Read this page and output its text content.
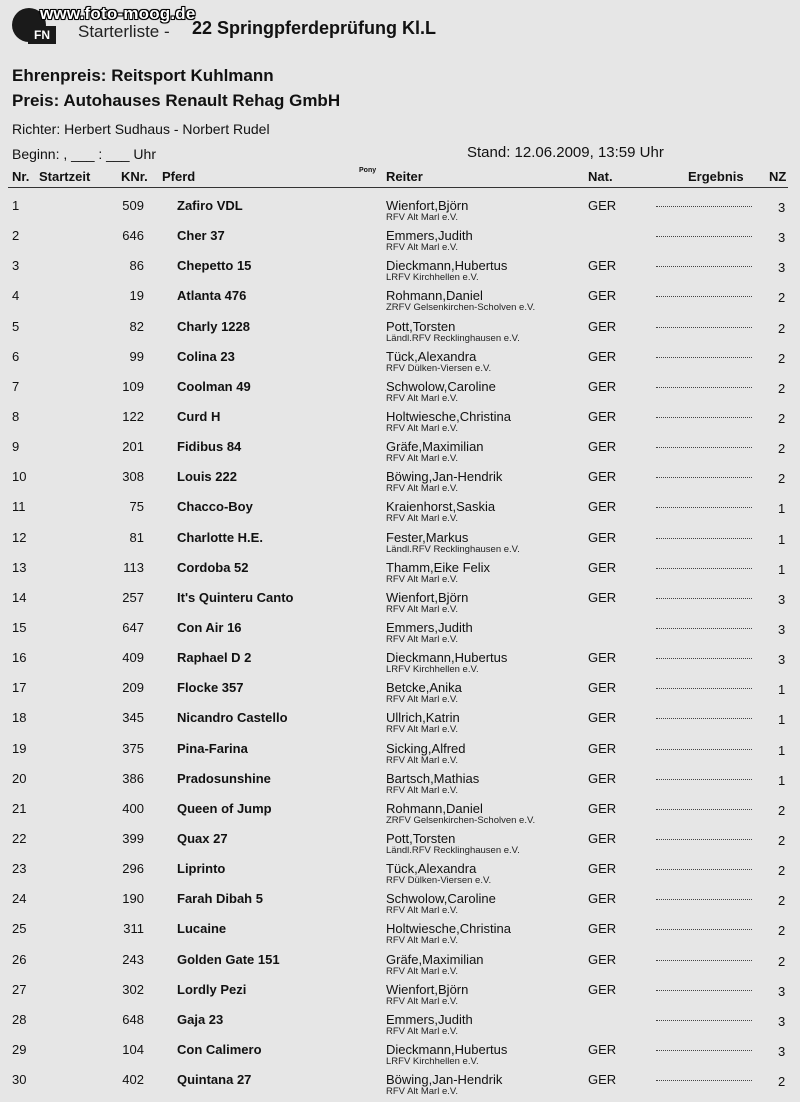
FN
www.foto-moog.de
Starterliste - 22 Springpferdeprüfung Kl.L
Ehrenpreis: Reitsport Kuhlmann
Preis: Autohauses Renault Rehag GmbH
Richter: Herbert Sudhaus - Norbert Rudel
Beginn: , ___ : ___ Uhr	Stand: 12.06.2009, 13:59 Uhr
Nr. Startzeit KNr. Pferd	Pony Reiter	Nat.	Ergebnis NZ
1	509	Zafiro VDL	Wienfort,Björn
RFV Alt Marl e.V.
GER	3
2	646	Cher 37	Emmers,Judith
RFV Alt Marl e.V.
3
3	86	Chepetto 15	Dieckmann,Hubertus
LRFV Kirchhellen e.V.
GER	3
4	19	Atlanta 476	Rohmann,Daniel
ZRFV Gelsenkirchen-Scholven e.V.
GER	2
5	82	Charly 1228	Pott,Torsten
Ländl.RFV Recklinghausen e.V.
GER	2
6	99	Colina 23	Tück,Alexandra
RFV Dülken-Viersen e.V.
GER	2
7	109	Coolman 49	Schwolow,Caroline
RFV Alt Marl e.V.
GER	2
8	122	Curd H	Holtwiesche,Christina
RFV Alt Marl e.V.
GER	2
9	201	Fidibus 84	Gräfe,Maximilian
RFV Alt Marl e.V.
GER	2
10	308	Louis 222	Böwing,Jan-Hendrik
RFV Alt Marl e.V.
GER	2
11	75	Chacco-Boy	Kraienhorst,Saskia
RFV Alt Marl e.V.
GER	1
12	81	Charlotte H.E.	Fester,Markus
Ländl.RFV Recklinghausen e.V.
GER	1
13	113	Cordoba 52	Thamm,Eike Felix
RFV Alt Marl e.V.
GER	1
14	257	It's Quinteru Canto	Wienfort,Björn
RFV Alt Marl e.V.
GER	3
15	647	Con Air 16	Emmers,Judith
RFV Alt Marl e.V.
3
16	409	Raphael D 2	Dieckmann,Hubertus
LRFV Kirchhellen e.V.
GER	3
17	209	Flocke 357	Betcke,Anika
RFV Alt Marl e.V.
GER	1
18	345	Nicandro Castello	Ullrich,Katrin
RFV Alt Marl e.V.
GER	1
19	375	Pina-Farina	Sicking,Alfred
RFV Alt Marl e.V.
GER	1
20	386	Pradosunshine	Bartsch,Mathias
RFV Alt Marl e.V.
GER	1
21	400	Queen of Jump	Rohmann,Daniel
ZRFV Gelsenkirchen-Scholven e.V.
GER	2
22	399	Quax 27	Pott,Torsten
Ländl.RFV Recklinghausen e.V.
GER	2
23	296	Liprinto	Tück,Alexandra
RFV Dülken-Viersen e.V.
GER	2
24	190	Farah Dibah 5	Schwolow,Caroline
RFV Alt Marl e.V.
GER	2
25	311	Lucaine	Holtwiesche,Christina
RFV Alt Marl e.V.
GER	2
26	243	Golden Gate 151	Gräfe,Maximilian
RFV Alt Marl e.V.
GER	2
27	302	Lordly Pezi	Wienfort,Björn
RFV Alt Marl e.V.
GER	3
28	648	Gaja 23	Emmers,Judith
RFV Alt Marl e.V.
3
29	104	Con Calimero	Dieckmann,Hubertus
LRFV Kirchhellen e.V.
GER	3
30	402	Quintana 27	Böwing,Jan-Hendrik
RFV Alt Marl e.V.
GER	2
